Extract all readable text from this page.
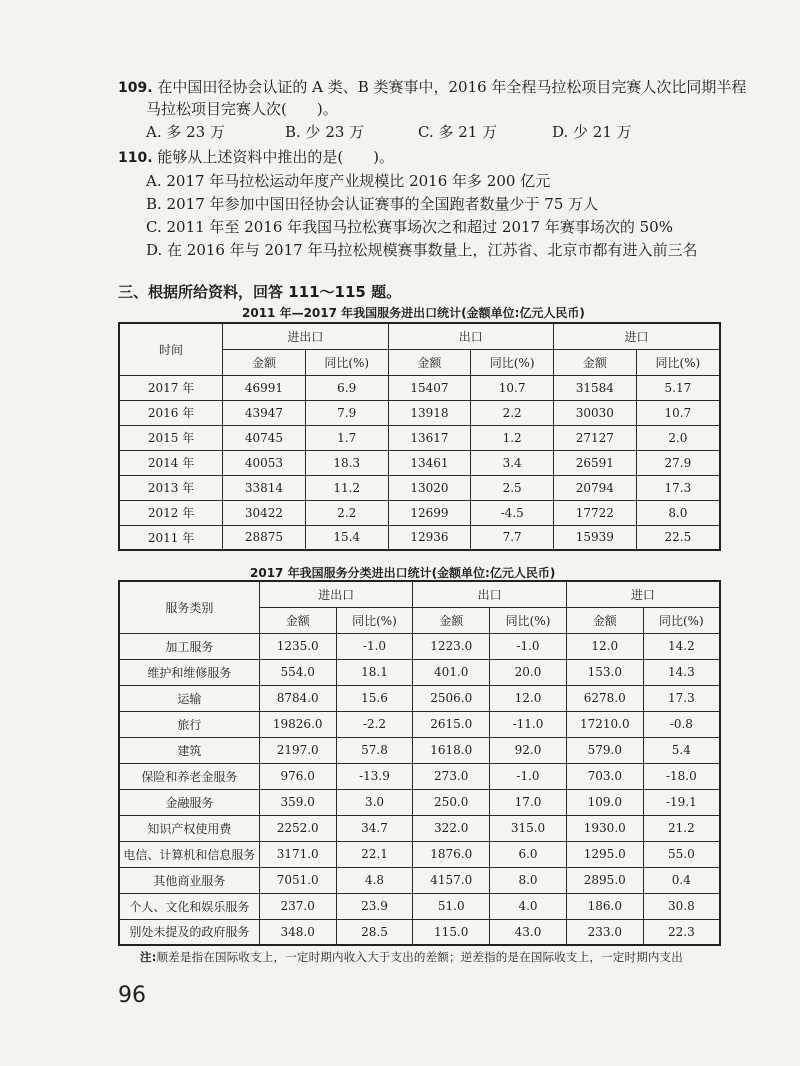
109. 在中国田径协会认证的 A 类、B 类赛事中，2016 年全程马拉松项目完赛人次比同期半程
马拉松项目完赛人次(　　)。
A. 多 23 万	B. 少 23 万	C. 多 21 万	D. 少 21 万
110. 能够从上述资料中推出的是(　　)。
A. 2017 年马拉松运动年度产业规模比 2016 年多 200 亿元
B. 2017 年参加中国田径协会认证赛事的全国跑者数量少于 75 万人
C. 2011 年至 2016 年我国马拉松赛事场次之和超过 2017 年赛事场次的 50%
D. 在 2016 年与 2017 年马拉松规模赛事数量上，江苏省、北京市都有进入前三名
三、根据所给资料，回答 111～115 题。
2011 年—2017 年我国服务进出口统计(金额单位:亿元人民币)
时间	进出口		出口		进口	
	金额	同比(%)	金额	同比(%)	金额	同比(%)
2017 年	46991	6.9	15407	10.7	31584	5.17
2016 年	43947	7.9	13918	2.2	30030	10.7
2015 年	40745	1.7	13617	1.2	27127	2.0
2014 年	40053	18.3	13461	3.4	26591	27.9
2013 年	33814	11.2	13020	2.5	20794	17.3
2012 年	30422	2.2	12699	-4.5	17722	8.0
2011 年	28875	15.4	12936	7.7	15939	22.5
2017 年我国服务分类进出口统计(金额单位:亿元人民币)
服务类别	进出口		出口		进口	
	金额	同比(%)	金额	同比(%)	金额	同比(%)
加工服务	1235.0	-1.0	1223.0	-1.0	12.0	14.2
维护和维修服务	554.0	18.1	401.0	20.0	153.0	14.3
运输	8784.0	15.6	2506.0	12.0	6278.0	17.3
旅行	19826.0	-2.2	2615.0	-11.0	17210.0	-0.8
建筑	2197.0	57.8	1618.0	92.0	579.0	5.4
保险和养老金服务	976.0	-13.9	273.0	-1.0	703.0	-18.0
金融服务	359.0	3.0	250.0	17.0	109.0	-19.1
知识产权使用费	2252.0	34.7	322.0	315.0	1930.0	21.2
电信、计算机和信息服务	3171.0	22.1	1876.0	6.0	1295.0	55.0
其他商业服务	7051.0	4.8	4157.0	8.0	2895.0	0.4
个人、文化和娱乐服务	237.0	23.9	51.0	4.0	186.0	30.8
别处未提及的政府服务	348.0	28.5	115.0	43.0	233.0	22.3
注:顺差是指在国际收支上，一定时期内收入大于支出的差额；逆差指的是在国际收支上，一定时期内支出
96
